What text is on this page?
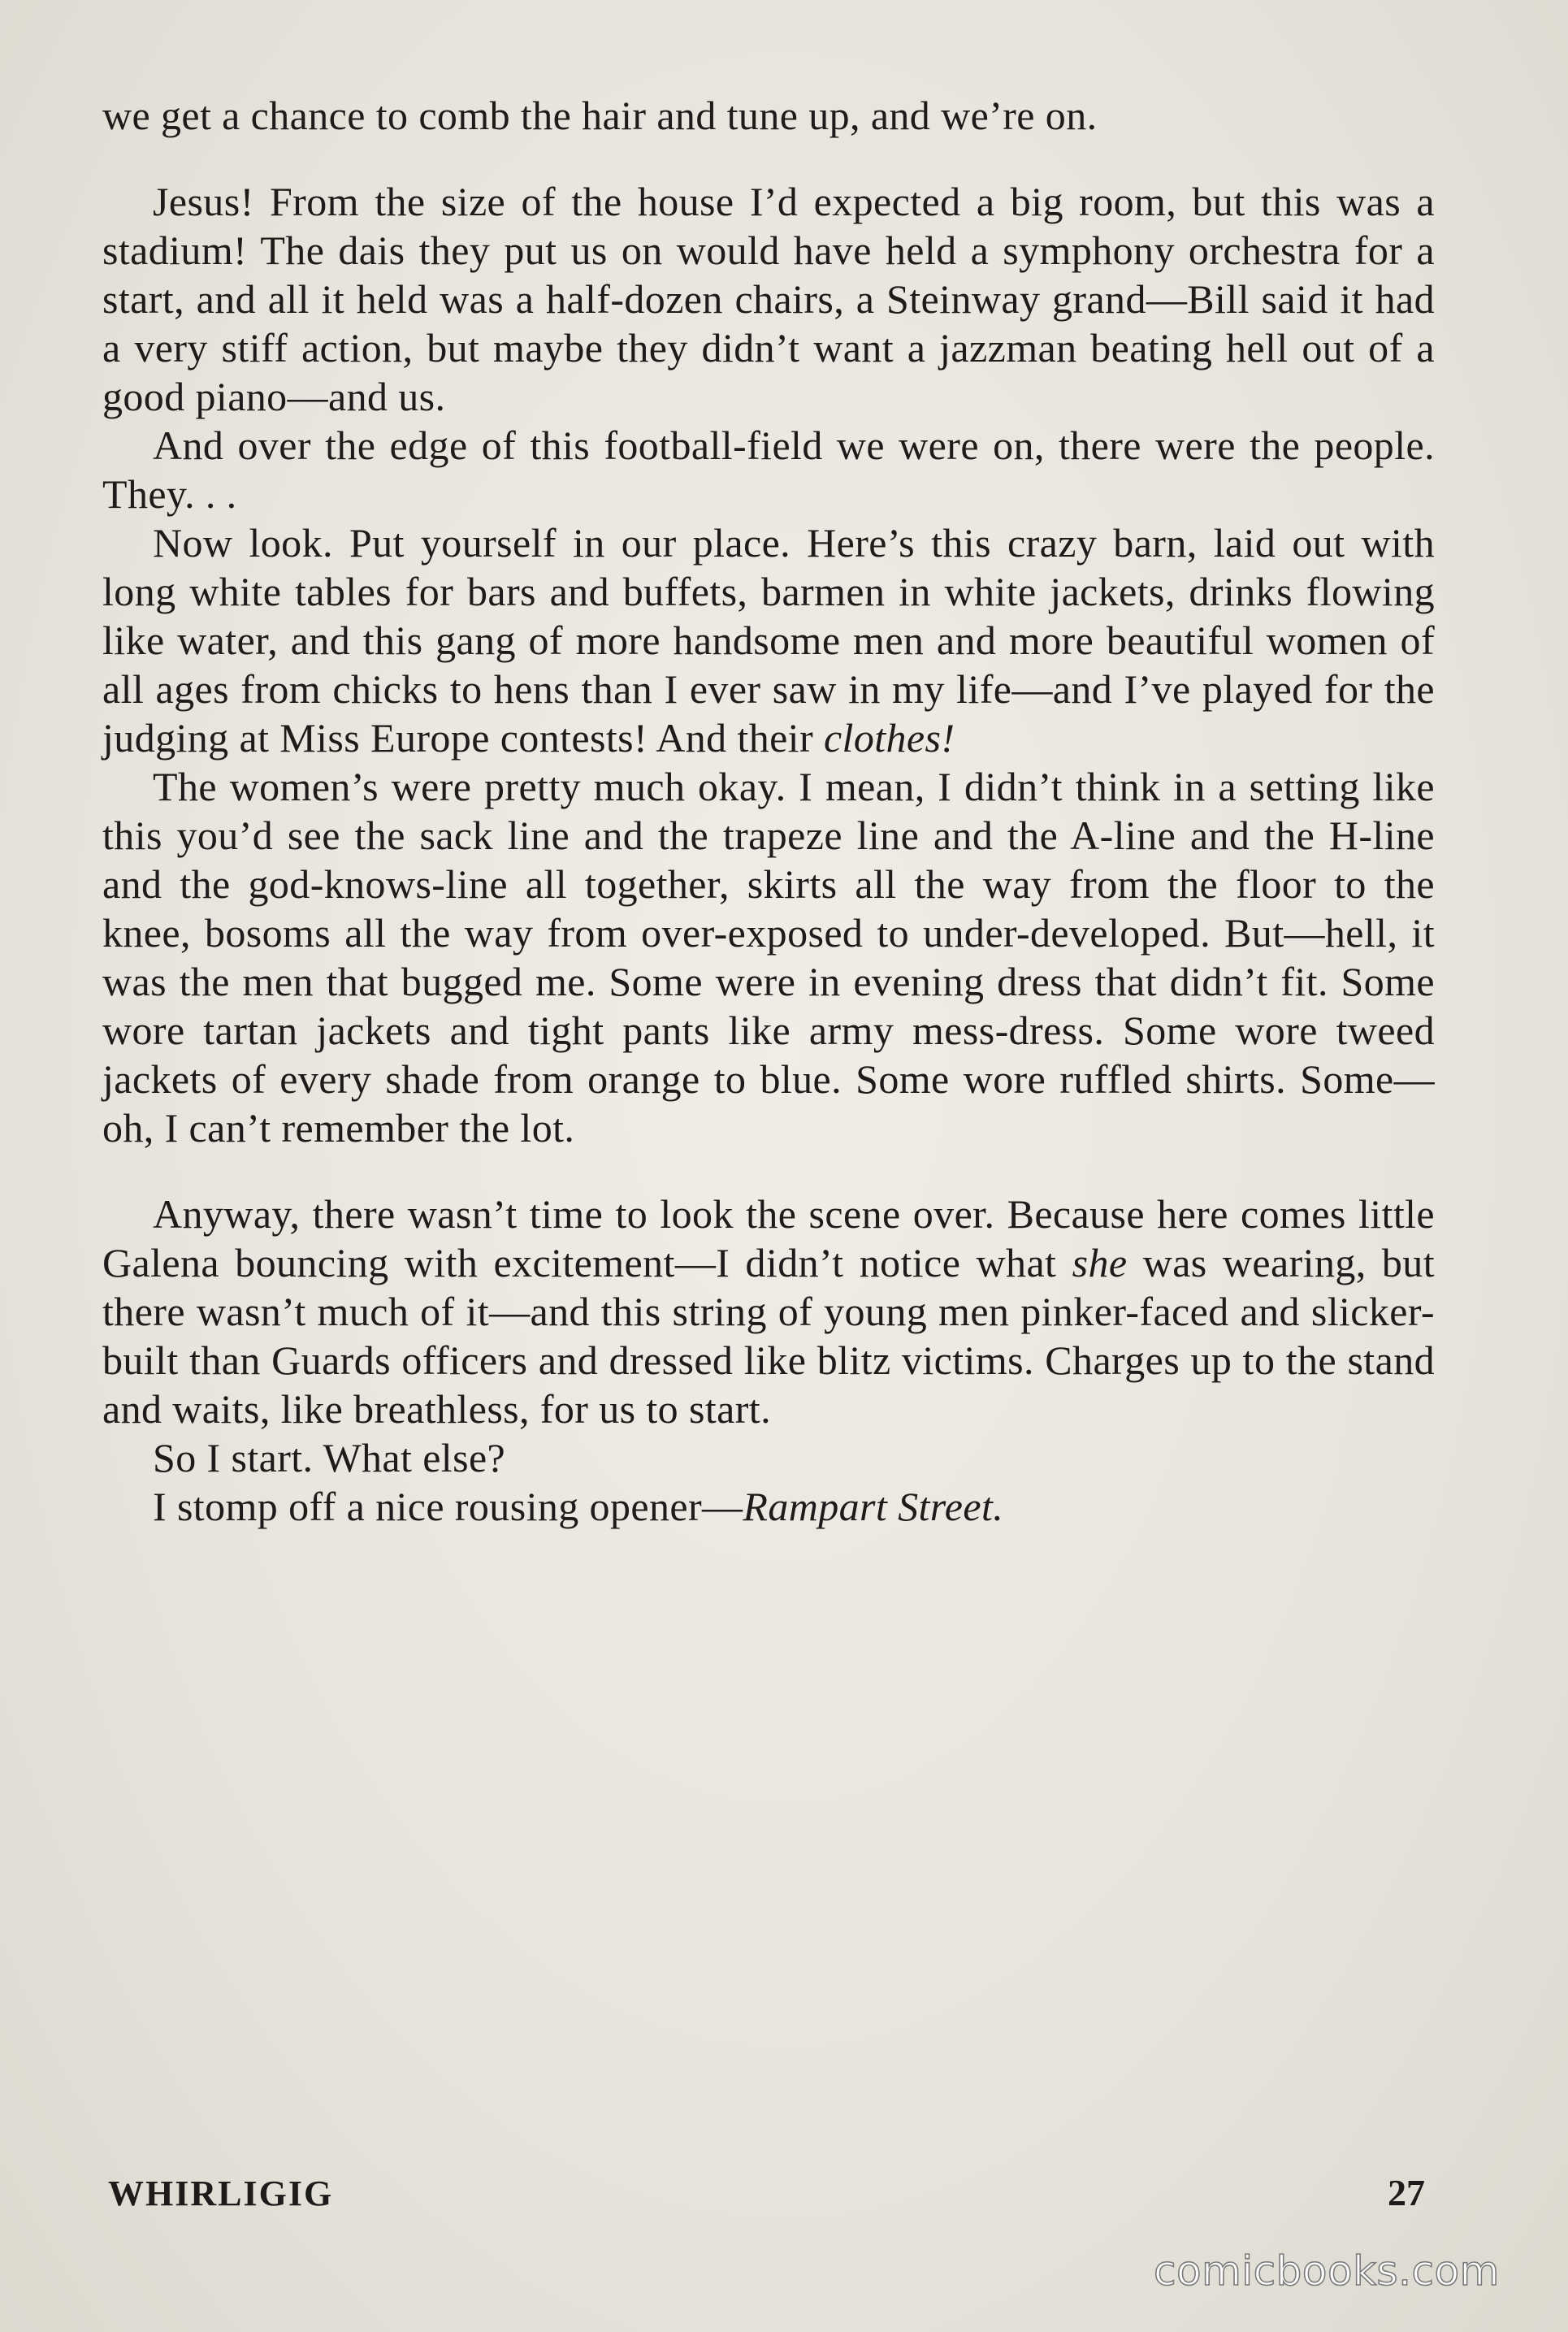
we get a chance to comb the hair and tune up, and we’re on.

Jesus! From the size of the house I’d expected a big room, but this was a stadium! The dais they put us on would have held a symphony orchestra for a start, and all it held was a half-dozen chairs, a Steinway grand—Bill said it had a very stiff action, but maybe they didn’t want a jazzman beating hell out of a good piano—and us.

And over the edge of this football-field we were on, there were the people. They. . .

Now look. Put yourself in our place. Here’s this crazy barn, laid out with long white tables for bars and buffets, barmen in white jackets, drinks flowing like water, and this gang of more handsome men and more beautiful women of all ages from chicks to hens than I ever saw in my life—and I’ve played for the judging at Miss Europe contests! And their clothes!

The women’s were pretty much okay. I mean, I didn’t think in a setting like this you’d see the sack line and the trapeze line and the A-line and the H-line and the god-knows-line all together, skirts all the way from the floor to the knee, bosoms all the way from over-exposed to under-developed. But—hell, it was the men that bugged me. Some were in evening dress that didn’t fit. Some wore tartan jackets and tight pants like army mess-dress. Some wore tweed jackets of every shade from orange to blue. Some wore ruffled shirts. Some—oh, I can’t remember the lot.

Anyway, there wasn’t time to look the scene over. Because here comes little Galena bouncing with excitement—I didn’t notice what she was wearing, but there wasn’t much of it—and this string of young men pinker-faced and slicker-built than Guards officers and dressed like blitz victims. Charges up to the stand and waits, like breathless, for us to start.

So I start. What else?

I stomp off a nice rousing opener—Rampart Street.

WHIRLIGIG	27
comicbooks.com
